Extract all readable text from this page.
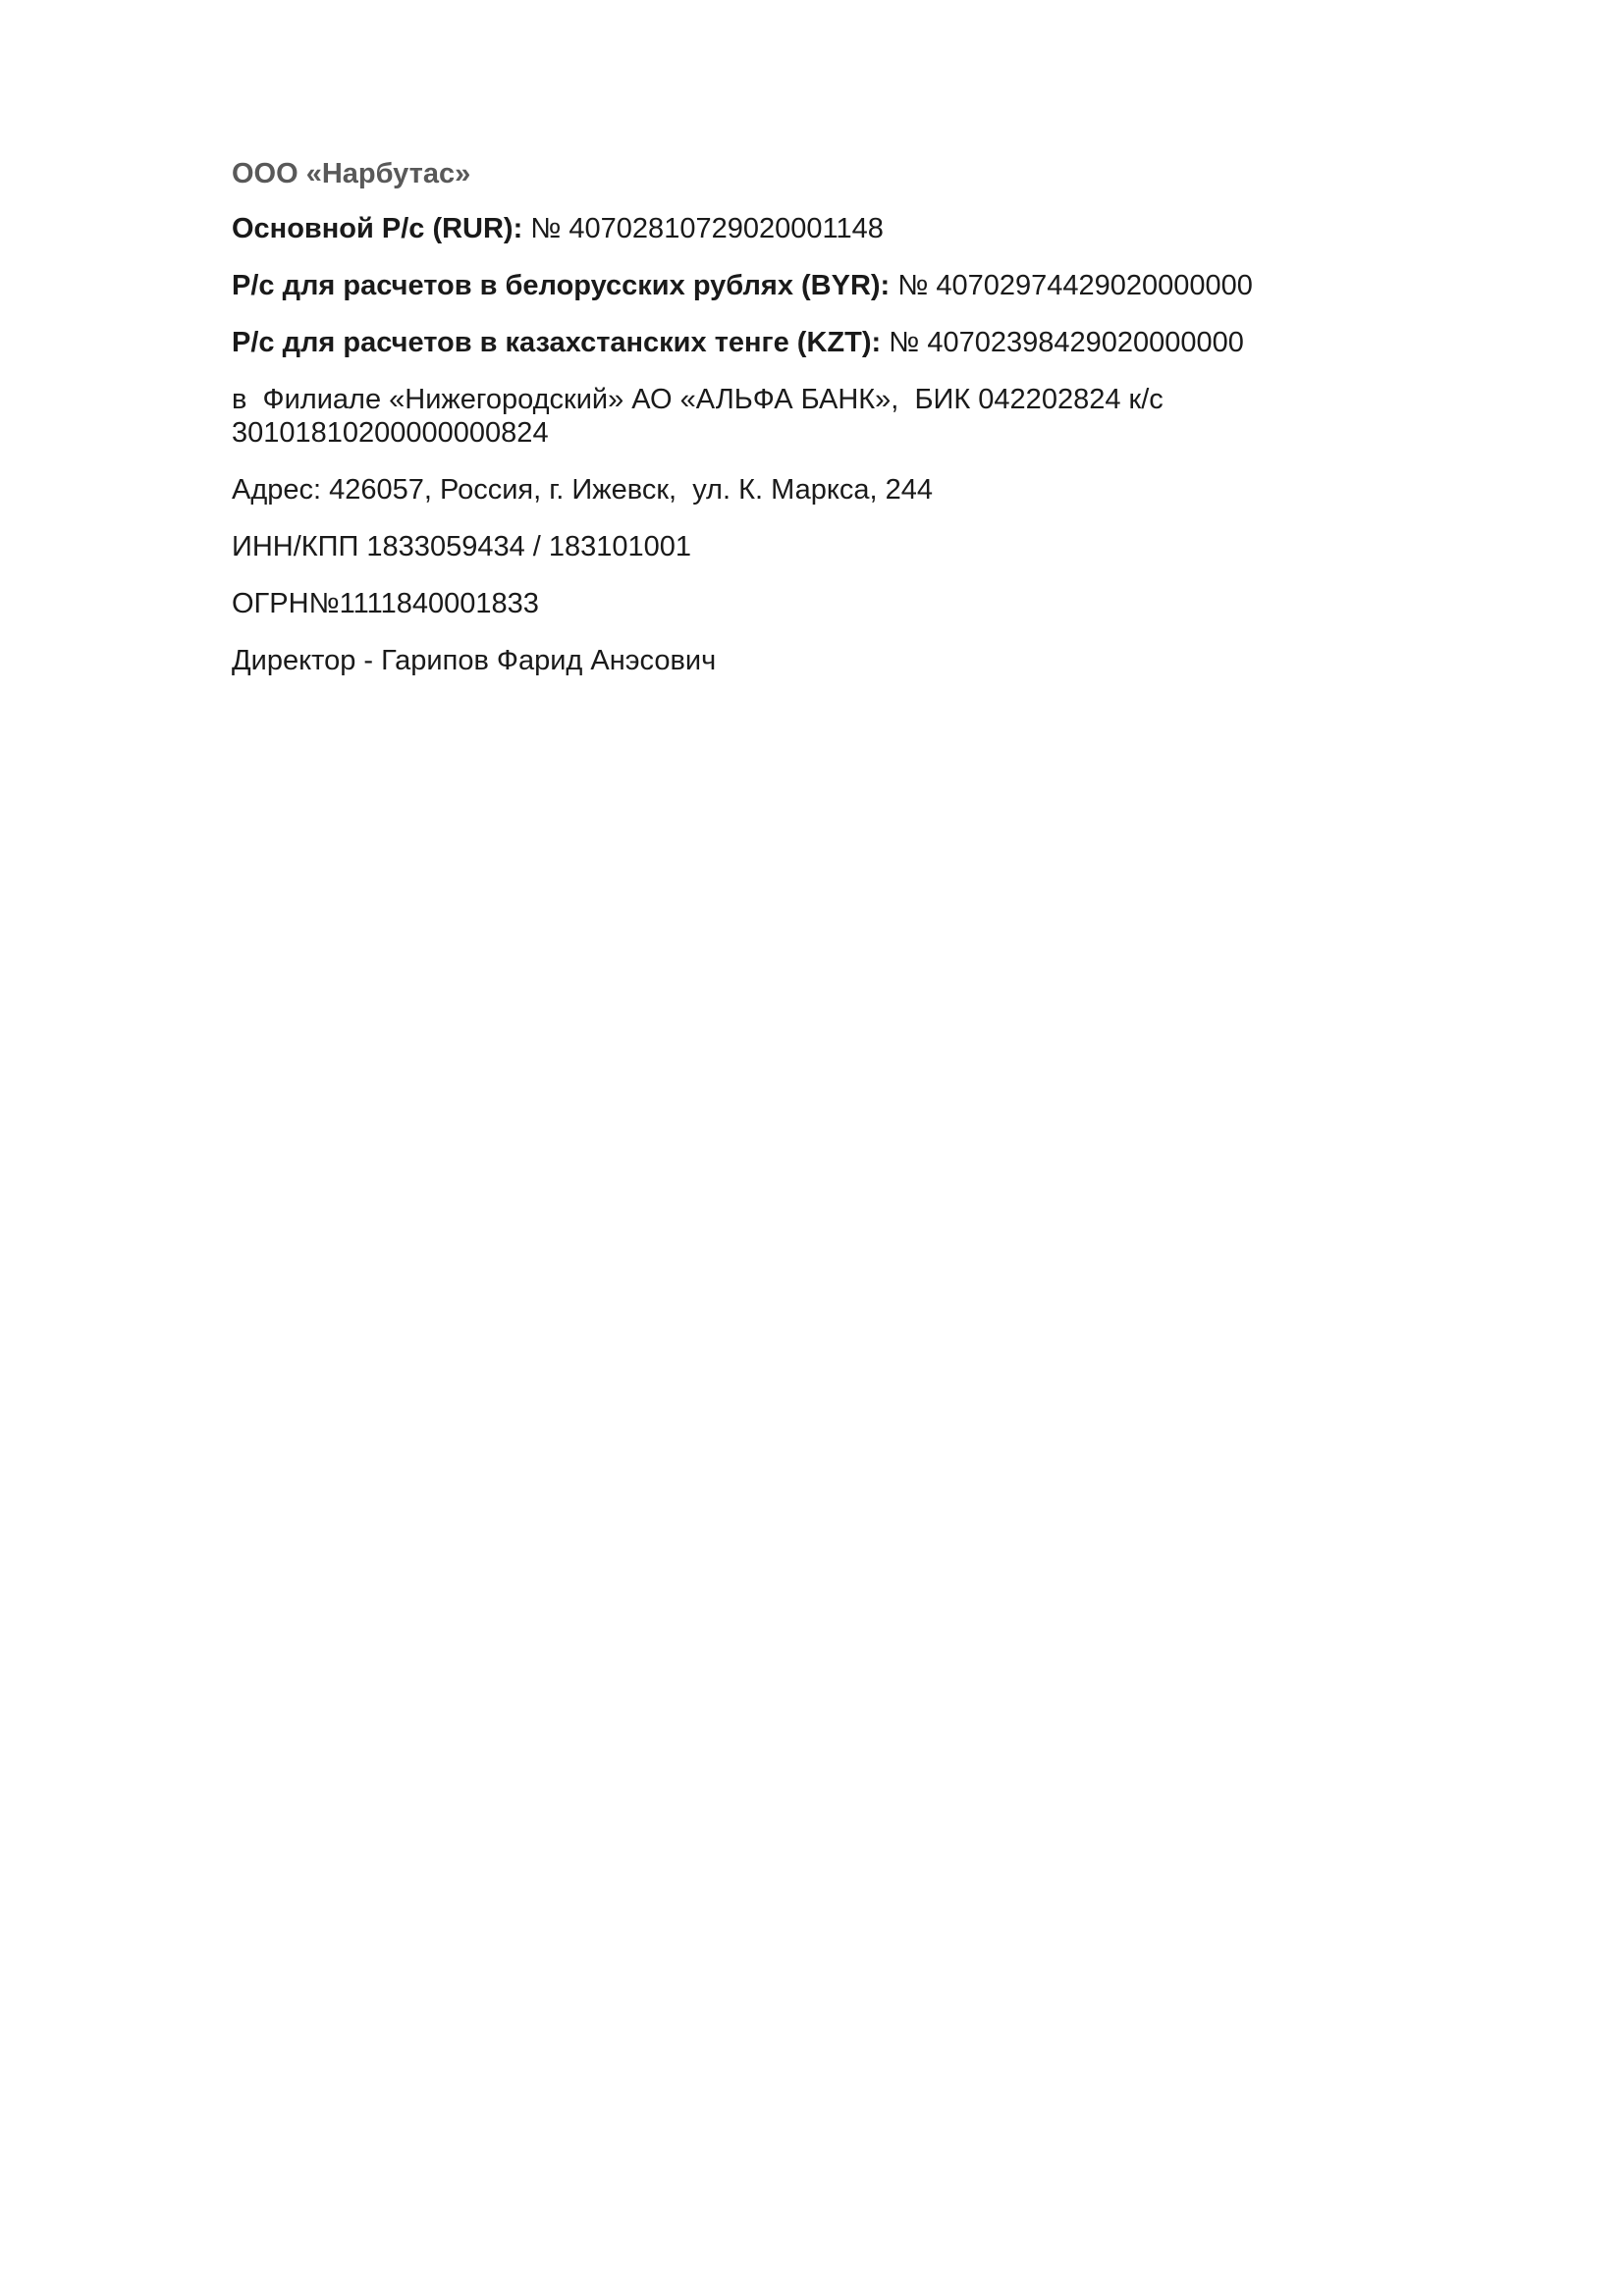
ООО «Нарбутас»

Основной Р/с (RUR): № 40702810729020001148

Р/с для расчетов в белорусских рублях (BYR): № 40702974429020000000

Р/с для расчетов в казахстанских тенге (KZT): № 40702398429020000000

в  Филиале «Нижегородский» АО «АЛЬФА БАНК»,  БИК 042202824 к/с 30101810200000000824

Адрес: 426057, Россия, г. Ижевск,  ул. К. Маркса, 244

ИНН/КПП 1833059434 / 183101001

ОГРН№1111840001833

Директор - Гарипов Фарид Анэсович
